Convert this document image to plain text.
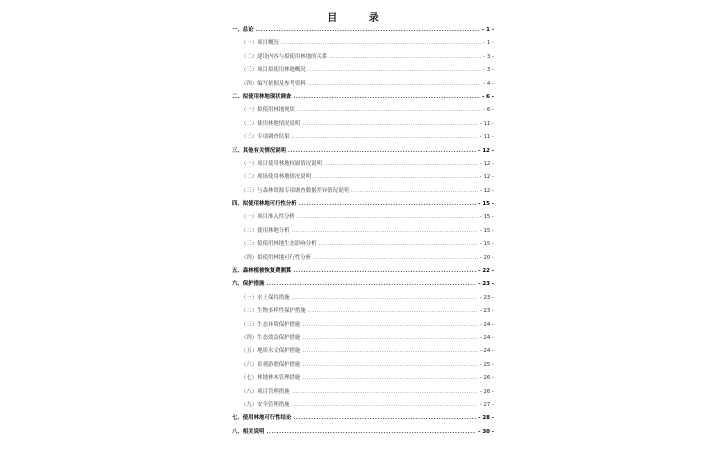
目 录
一、总论 .....	- 1 -
（一）项目概况 .....	- 1 -
（二）建设内容与拟使用林地的关系 .....	- 3 -
（三）项目拟使用林地概况 .....	- 3 -
（四）编写依据及参考资料 .....	- 4 -
二、拟使用林地现状调查 .....	- 6 -
（一）拟使用林地现状 .....	- 6 -
（二）使用林地情况说明 .....	- 11 -
（三）专项调查结果 .....	- 11 -
三、其他有关情况说明 .....	- 12 -
（一）项目使用林地权属情况说明 .....	- 12 -
（二）现场使用林地情况说明 .....	- 12 -
（三）与森林资源专项调查数据差异情况说明 .....	- 12 -
四、拟使用林地可行性分析 .....	- 15 -
（一）项目准入性分析 .....	- 15 -
（二）使用林地分析 .....	- 15 -
（三）拟使用林地生态影响分析 .....	- 15 -
（四）拟使用林地可行性分析 .....	- 20 -
五、森林植被恢复费测算 .....	- 22 -
六、保护措施 .....	- 23 -
（一）水土保持措施 .....	- 23 -
（二）生物多样性保护措施 .....	- 23 -
（三）生态环境保护措施 .....	- 24 -
（四）生态效益保护措施 .....	- 24 -
（五）地质水文保护措施 .....	- 24 -
（六）景观游憩保护措施 .....	- 25 -
（七）林地林木管理措施 .....	- 26 -
（八）项目管理措施 .....	- 26 -
（九）安全管理措施 .....	- 27 -
七、使用林地可行性结论 .....	- 28 -
八、相关说明 .....	- 30 -
